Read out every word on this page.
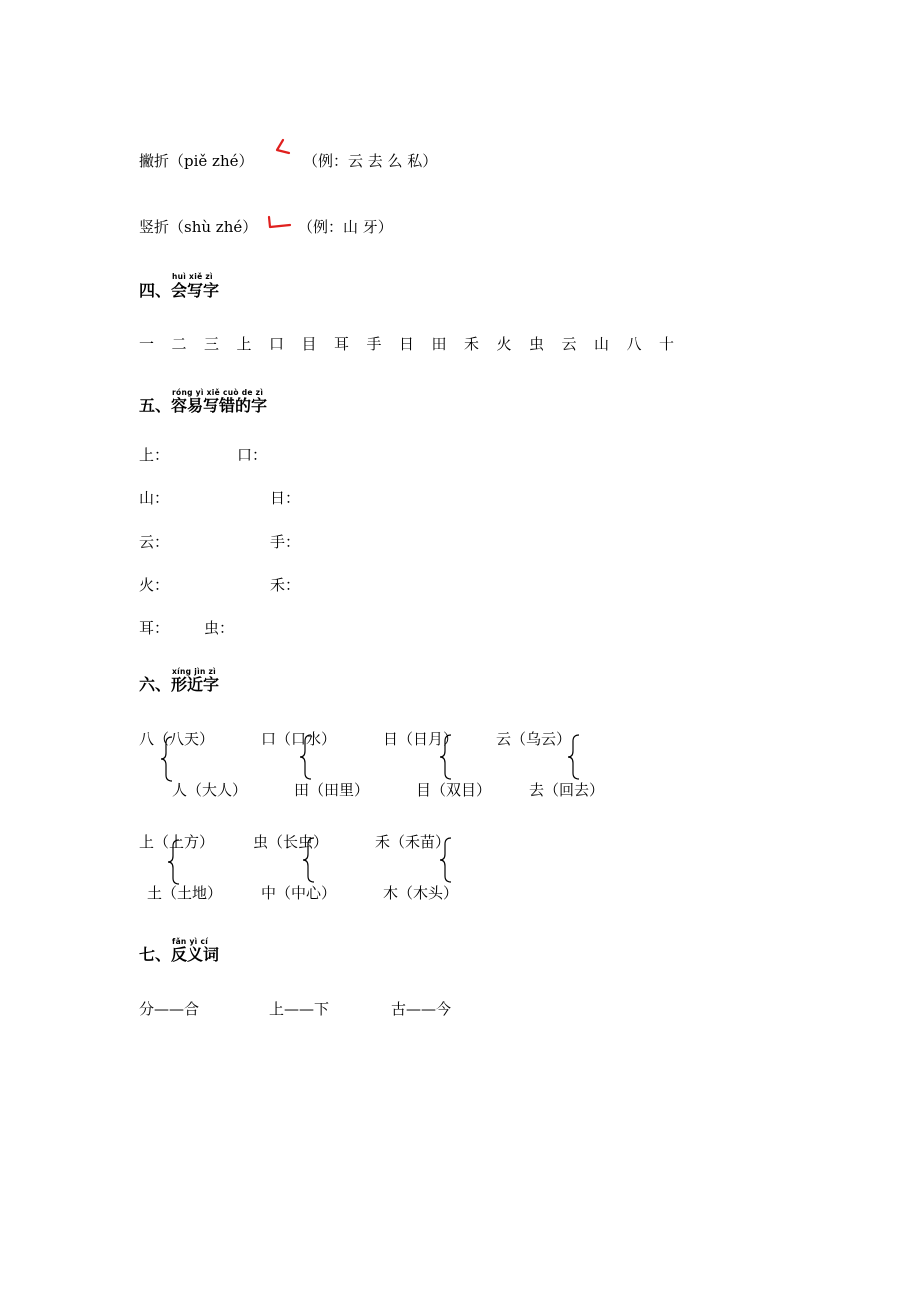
撇折（piě zhé）	（例：云 去 么 私）
竖折（shù zhé）	（例：山 牙）
huì xiě zì
四、会写字
一 二 三 上 口 目 耳 手 日 田 禾 火 虫 云 山 八 十
róng yì xiě cuò de zì
五、容易写错的字
上：	口：
山：	日：
云：	手：
火：	禾：
耳： 虫：
xíng jìn zì
六、形近字
八（八天）	口（口水）	日（日月）	云（乌云）
人（大人）	田（田里）	目（双目）	去（回去）
上（上方）	虫（长虫）	禾（禾苗）
土（土地）	中（中心）	木（木头）
fǎn yì cí
七、反义词
分——合	上——下	古——今
